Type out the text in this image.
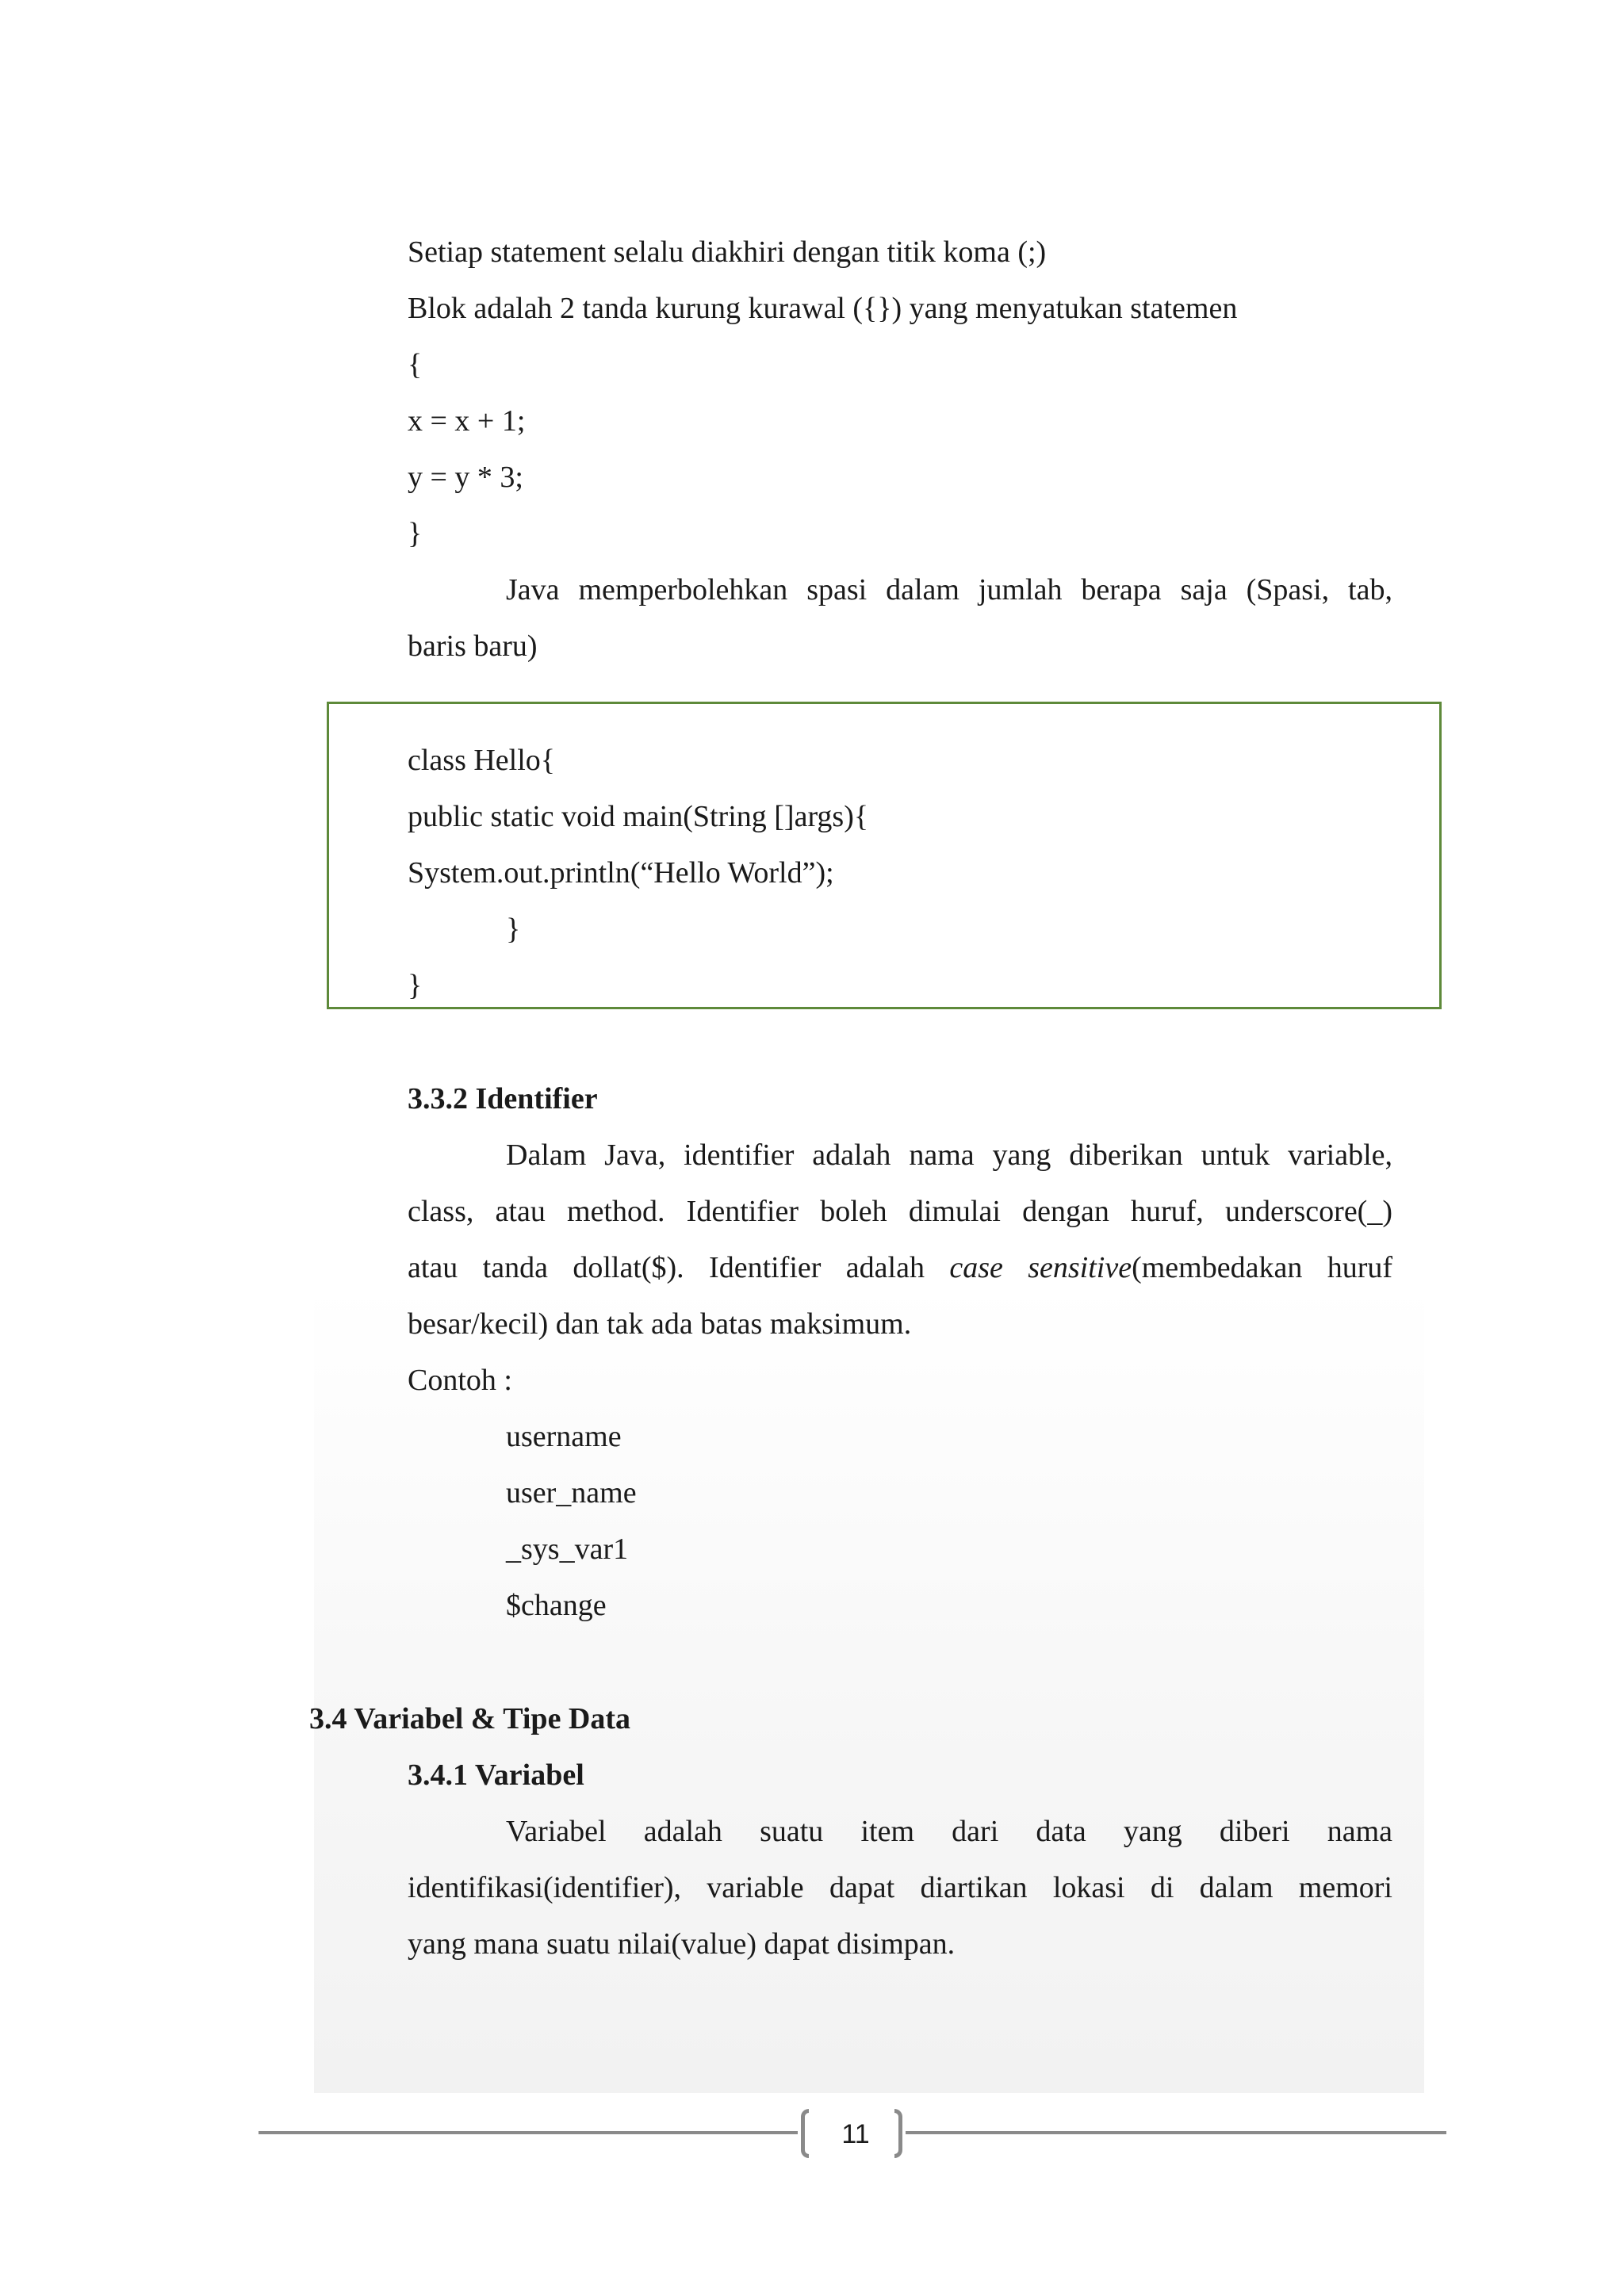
Setiap statement selalu diakhiri dengan titik koma (;)

Blok adalah 2 tanda kurung kurawal ({}) yang menyatukan statemen

{

x = x + 1;

y = y * 3;

}

Java memperbolehkan spasi dalam jumlah berapa saja (Spasi, tab,

baris baru)

class Hello{

public static void main(String []args){

System.out.println(“Hello World”);

}

}

3.3.2 Identifier

Dalam Java, identifier adalah nama yang diberikan untuk variable,
class, atau method. Identifier boleh dimulai dengan huruf, underscore(_)
atau tanda dollat($). Identifier adalah case sensitive(membedakan huruf

besar/kecil) dan tak ada batas maksimum.

Contoh :

username

user_name

_sys_var1

$change

3.4 Variabel & Tipe Data

3.4.1 Variabel

Variabel adalah suatu item dari data yang diberi nama
identifikasi(identifier), variable dapat diartikan lokasi di dalam memori

yang mana suatu nilai(value) dapat disimpan.

11
